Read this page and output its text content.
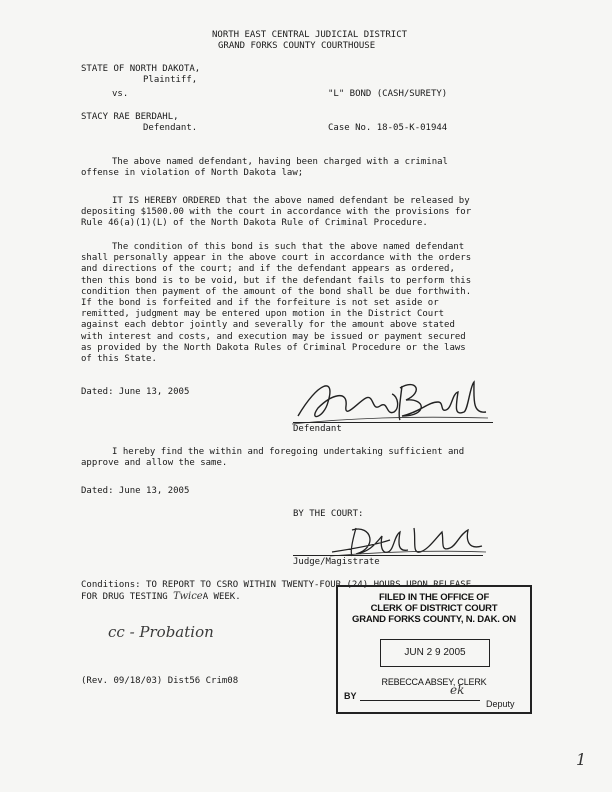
NORTH EAST CENTRAL JUDICIAL DISTRICT
GRAND FORKS COUNTY COURTHOUSE
STATE OF NORTH DAKOTA,
Plaintiff,
vs.	"L" BOND (CASH/SURETY)
STACY RAE BERDAHL,
Defendant.	Case No. 18-05-K-01944
The above named defendant, having been charged with a criminal
offense in violation of North Dakota law;
IT IS HEREBY ORDERED that the above named defendant be released by
depositing $1500.00 with the court in accordance with the provisions for
Rule 46(a)(1)(L) of the North Dakota Rule of Criminal Procedure.
The condition of this bond is such that the above named defendant
shall personally appear in the above court in accordance with the orders
and directions of the court; and if the defendant appears as ordered,
then this bond is to be void, but if the defendant fails to perform this
condition then payment of the amount of the bond shall be due forthwith.
If the bond is forfeited and if the forfeiture is not set aside or
remitted, judgment may be entered upon motion in the District Court
against each debtor jointly and severally for the amount above stated
with interest and costs, and execution may be issued or payment secured
as provided by the North Dakota Rules of Criminal Procedure or the laws
of this State.
Dated: June 13, 2005
Defendant
I hereby find the within and foregoing undertaking sufficient and
approve and allow the same.
Dated: June 13, 2005
BY THE COURT:
Judge/Magistrate
Conditions: TO REPORT TO CSRO WITHIN TWENTY-FOUR (24) HOURS UPON RELEASE
FOR DRUG TESTING TwiceA WEEK.
cc - Probation
(Rev. 09/18/03) Dist56 Crim08
FILED IN THE OFFICE OF
CLERK OF DISTRICT COURT
GRAND FORKS COUNTY, N. DAK. ON
JUN 2 9 2005
REBECCA ABSEY, CLERK
BY	ek
Deputy
1
